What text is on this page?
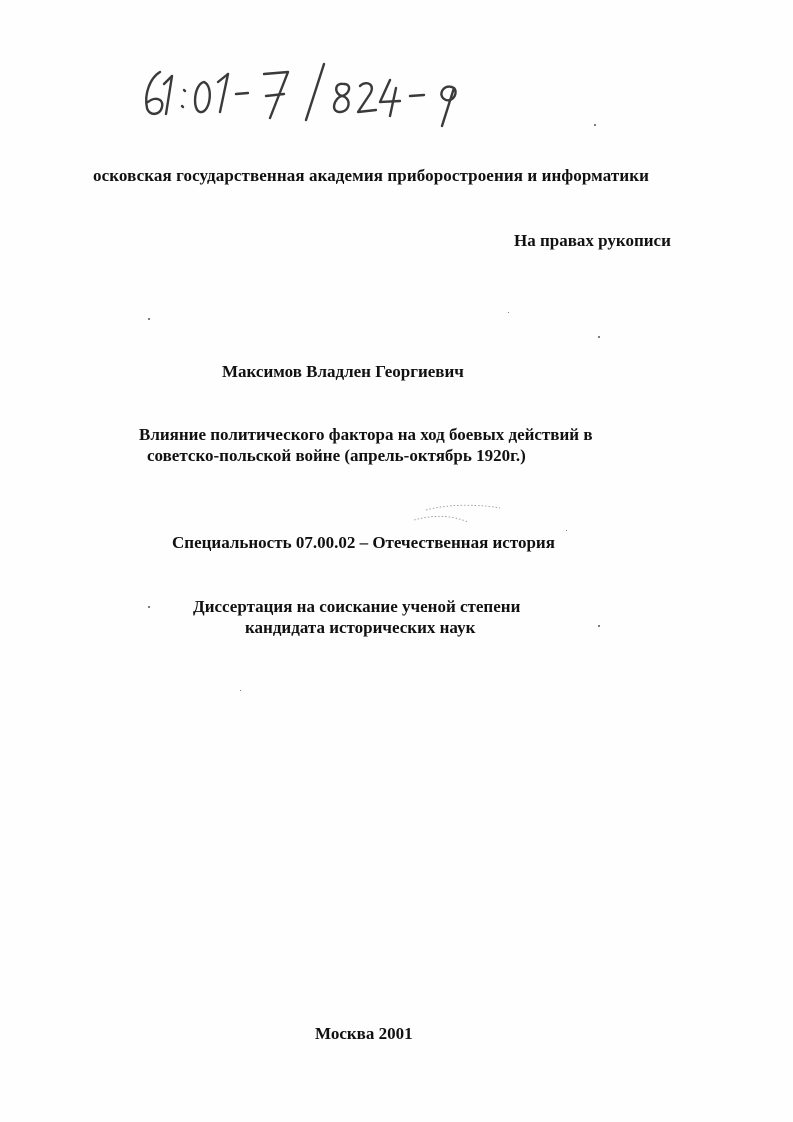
осковская государственная академия приборостроения и информатики
На правах рукописи
Максимов Владлен Георгиевич
Влияние политического фактора на ход боевых действий в
советско-польской войне (апрель-октябрь 1920г.)
Специальность 07.00.02 – Отечественная история
Диссертация на соискание ученой степени
кандидата исторических наук
Москва 2001
